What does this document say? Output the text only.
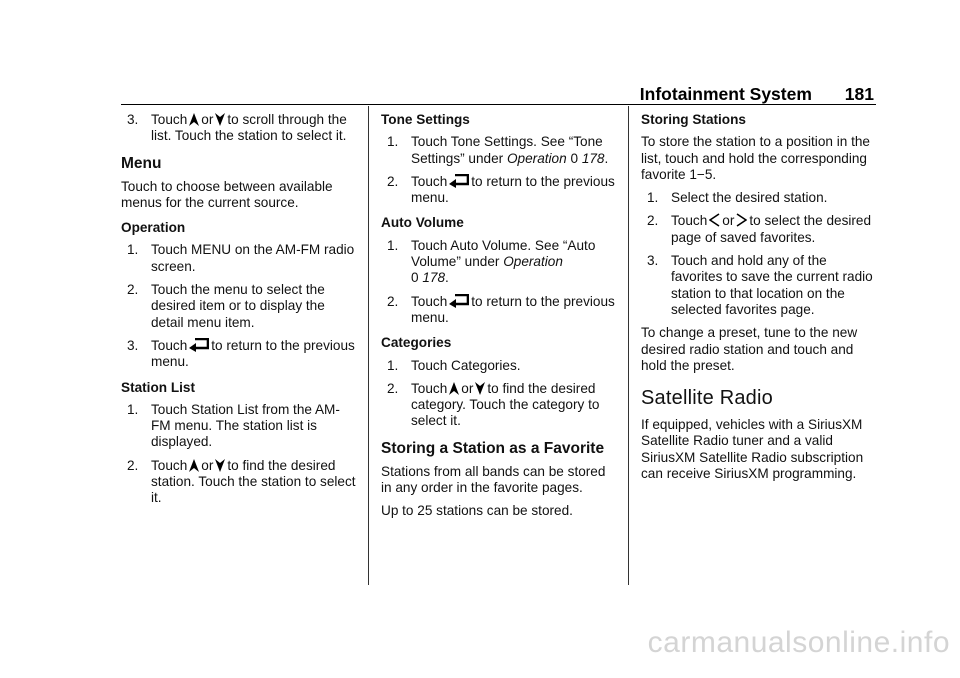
Infotainment System 181
3. Touch or to scroll through the list. Touch the station to select it.
Menu

Touch to choose between available menus for the current source.

Operation
1. Touch MENU on the AM-FM radio screen.
2. Touch the menu to select the desired item or to display the detail menu item.
3. Touch to return to the previous menu.
Station List
1. Touch Station List from the AM-FM menu. The station list is displayed.
2. Touch or to find the desired station. Touch the station to select it.
Tone Settings
1. Touch Tone Settings. See “Tone Settings” under Operation 0 178.
2. Touch to return to the previous menu.
Auto Volume
1. Touch Auto Volume. See “Auto Volume” under Operation
0 178.
2. Touch to return to the previous menu.
Categories
1. Touch Categories.
2. Touch or to find the desired category. Touch the category to select it.
Storing a Station as a Favorite

Stations from all bands can be stored in any order in the favorite pages.

Up to 25 stations can be stored.

Storing Stations

To store the station to a position in the list, touch and hold the corresponding favorite 1−5.

1. Select the desired station.
2. Touch or to select the desired page of saved favorites.
3. Touch and hold any of the favorites to save the current radio station to that location on the selected favorites page.

To change a preset, tune to the new desired radio station and touch and hold the preset.

Satellite Radio

If equipped, vehicles with a SiriusXM Satellite Radio tuner and a valid SiriusXM Satellite Radio subscription can receive SiriusXM programming.

carmanualsonline.info
